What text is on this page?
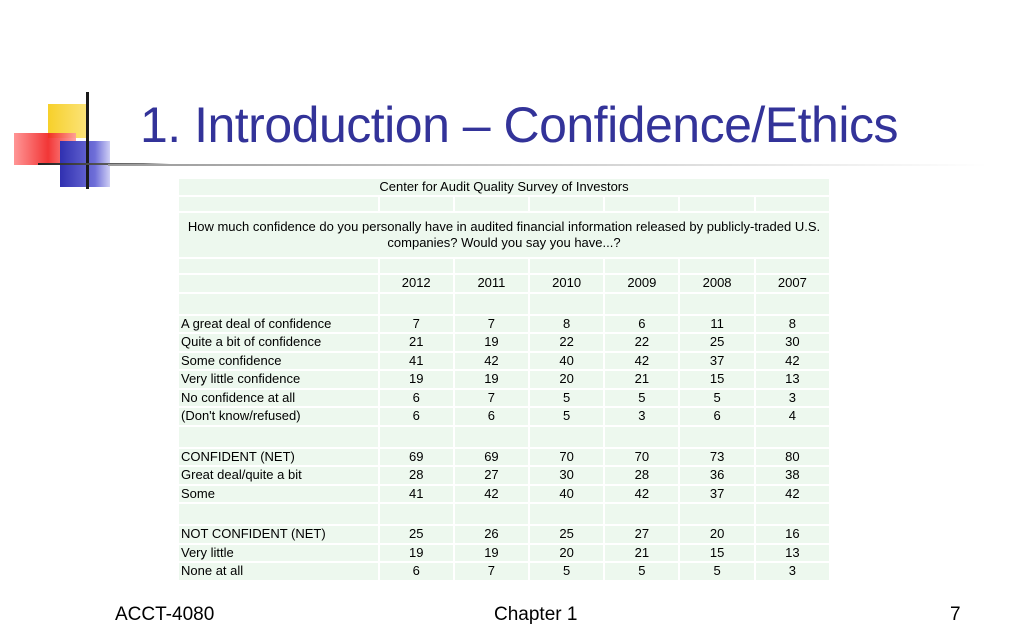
1. Introduction – Confidence/Ethics
Center for Audit Quality Survey of Investors						

How much confidence do you personally have in audited financial information released by publicly-traded U.S. companies? Would you say you have...?						

	2012	2011	2010	2009	2008	2007

A great deal of confidence	7	7	8	6	11	8
Quite a bit of confidence	21	19	22	22	25	30
Some confidence	41	42	40	42	37	42
Very little confidence	19	19	20	21	15	13
No confidence at all	6	7	5	5	5	3
(Don't know/refused)	6	6	5	3	6	4

CONFIDENT (NET)	69	69	70	70	73	80
Great deal/quite a bit	28	27	30	28	36	38
Some	41	42	40	42	37	42

NOT CONFIDENT (NET)	25	26	25	27	20	16
Very little	19	19	20	21	15	13
None at all	6	7	5	5	5	3
ACCT-4080	Chapter 1	7
